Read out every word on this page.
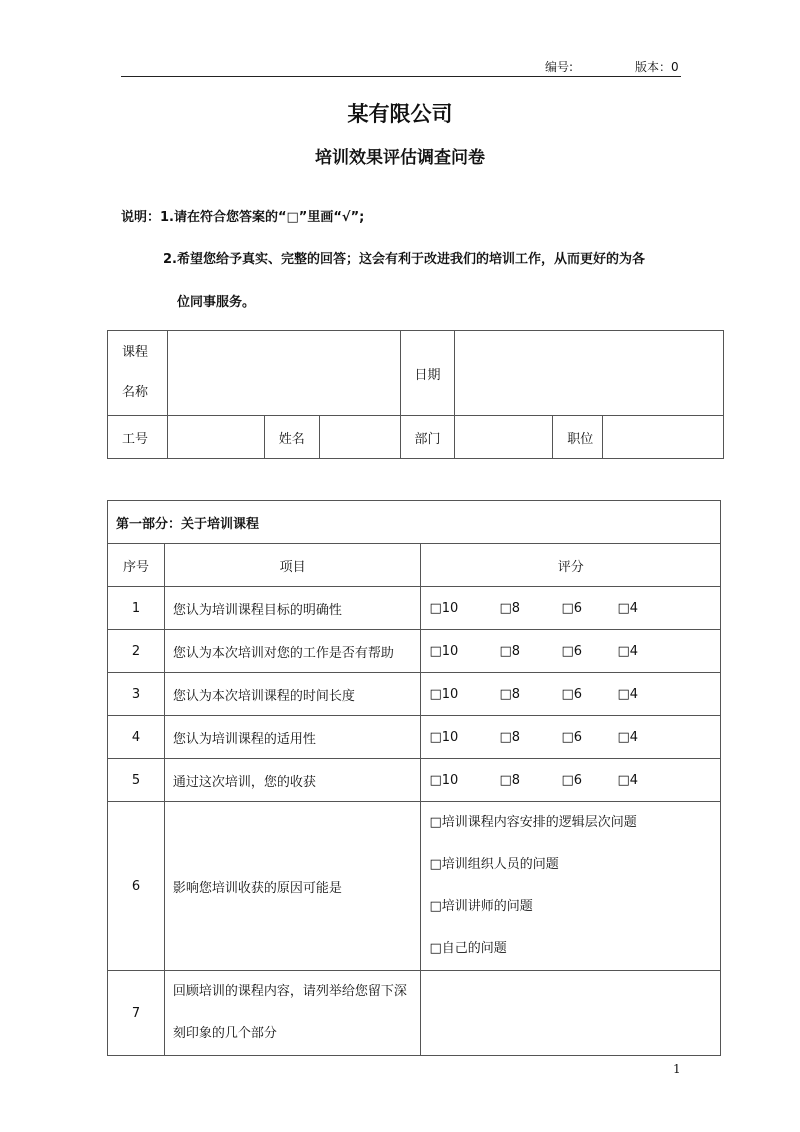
编号:	版本：0
某有限公司
培训效果评估调查问卷
说明：1.请在符合您答案的“□”里画“√”;
2.希望您给予真实、完整的回答；这会有利于改进我们的培训工作，从而更好的为各
位同事服务。
课程
名称				日期			
工号		姓名		部门		职位	
第一部分：关于培训课程		
序号	项目	评分
1	您认为培训课程目标的明确性	□10 □8 □6 □4
2	您认为本次培训对您的工作是否有帮助	□10 □8 □6 □4
3	您认为本次培训课程的时间长度	□10 □8 □6 □4
4	您认为培训课程的适用性	□10 □8 □6 □4
5	通过这次培训，您的收获	□10 □8 □6 □4
6	影响您培训收获的原因可能是	□培训课程内容安排的逻辑层次问题
□培训组织人员的问题
□培训讲师的问题
□自己的问题

7	回顾培训的课程内容，请列举给您留下深
刻印象的几个部分	
1
